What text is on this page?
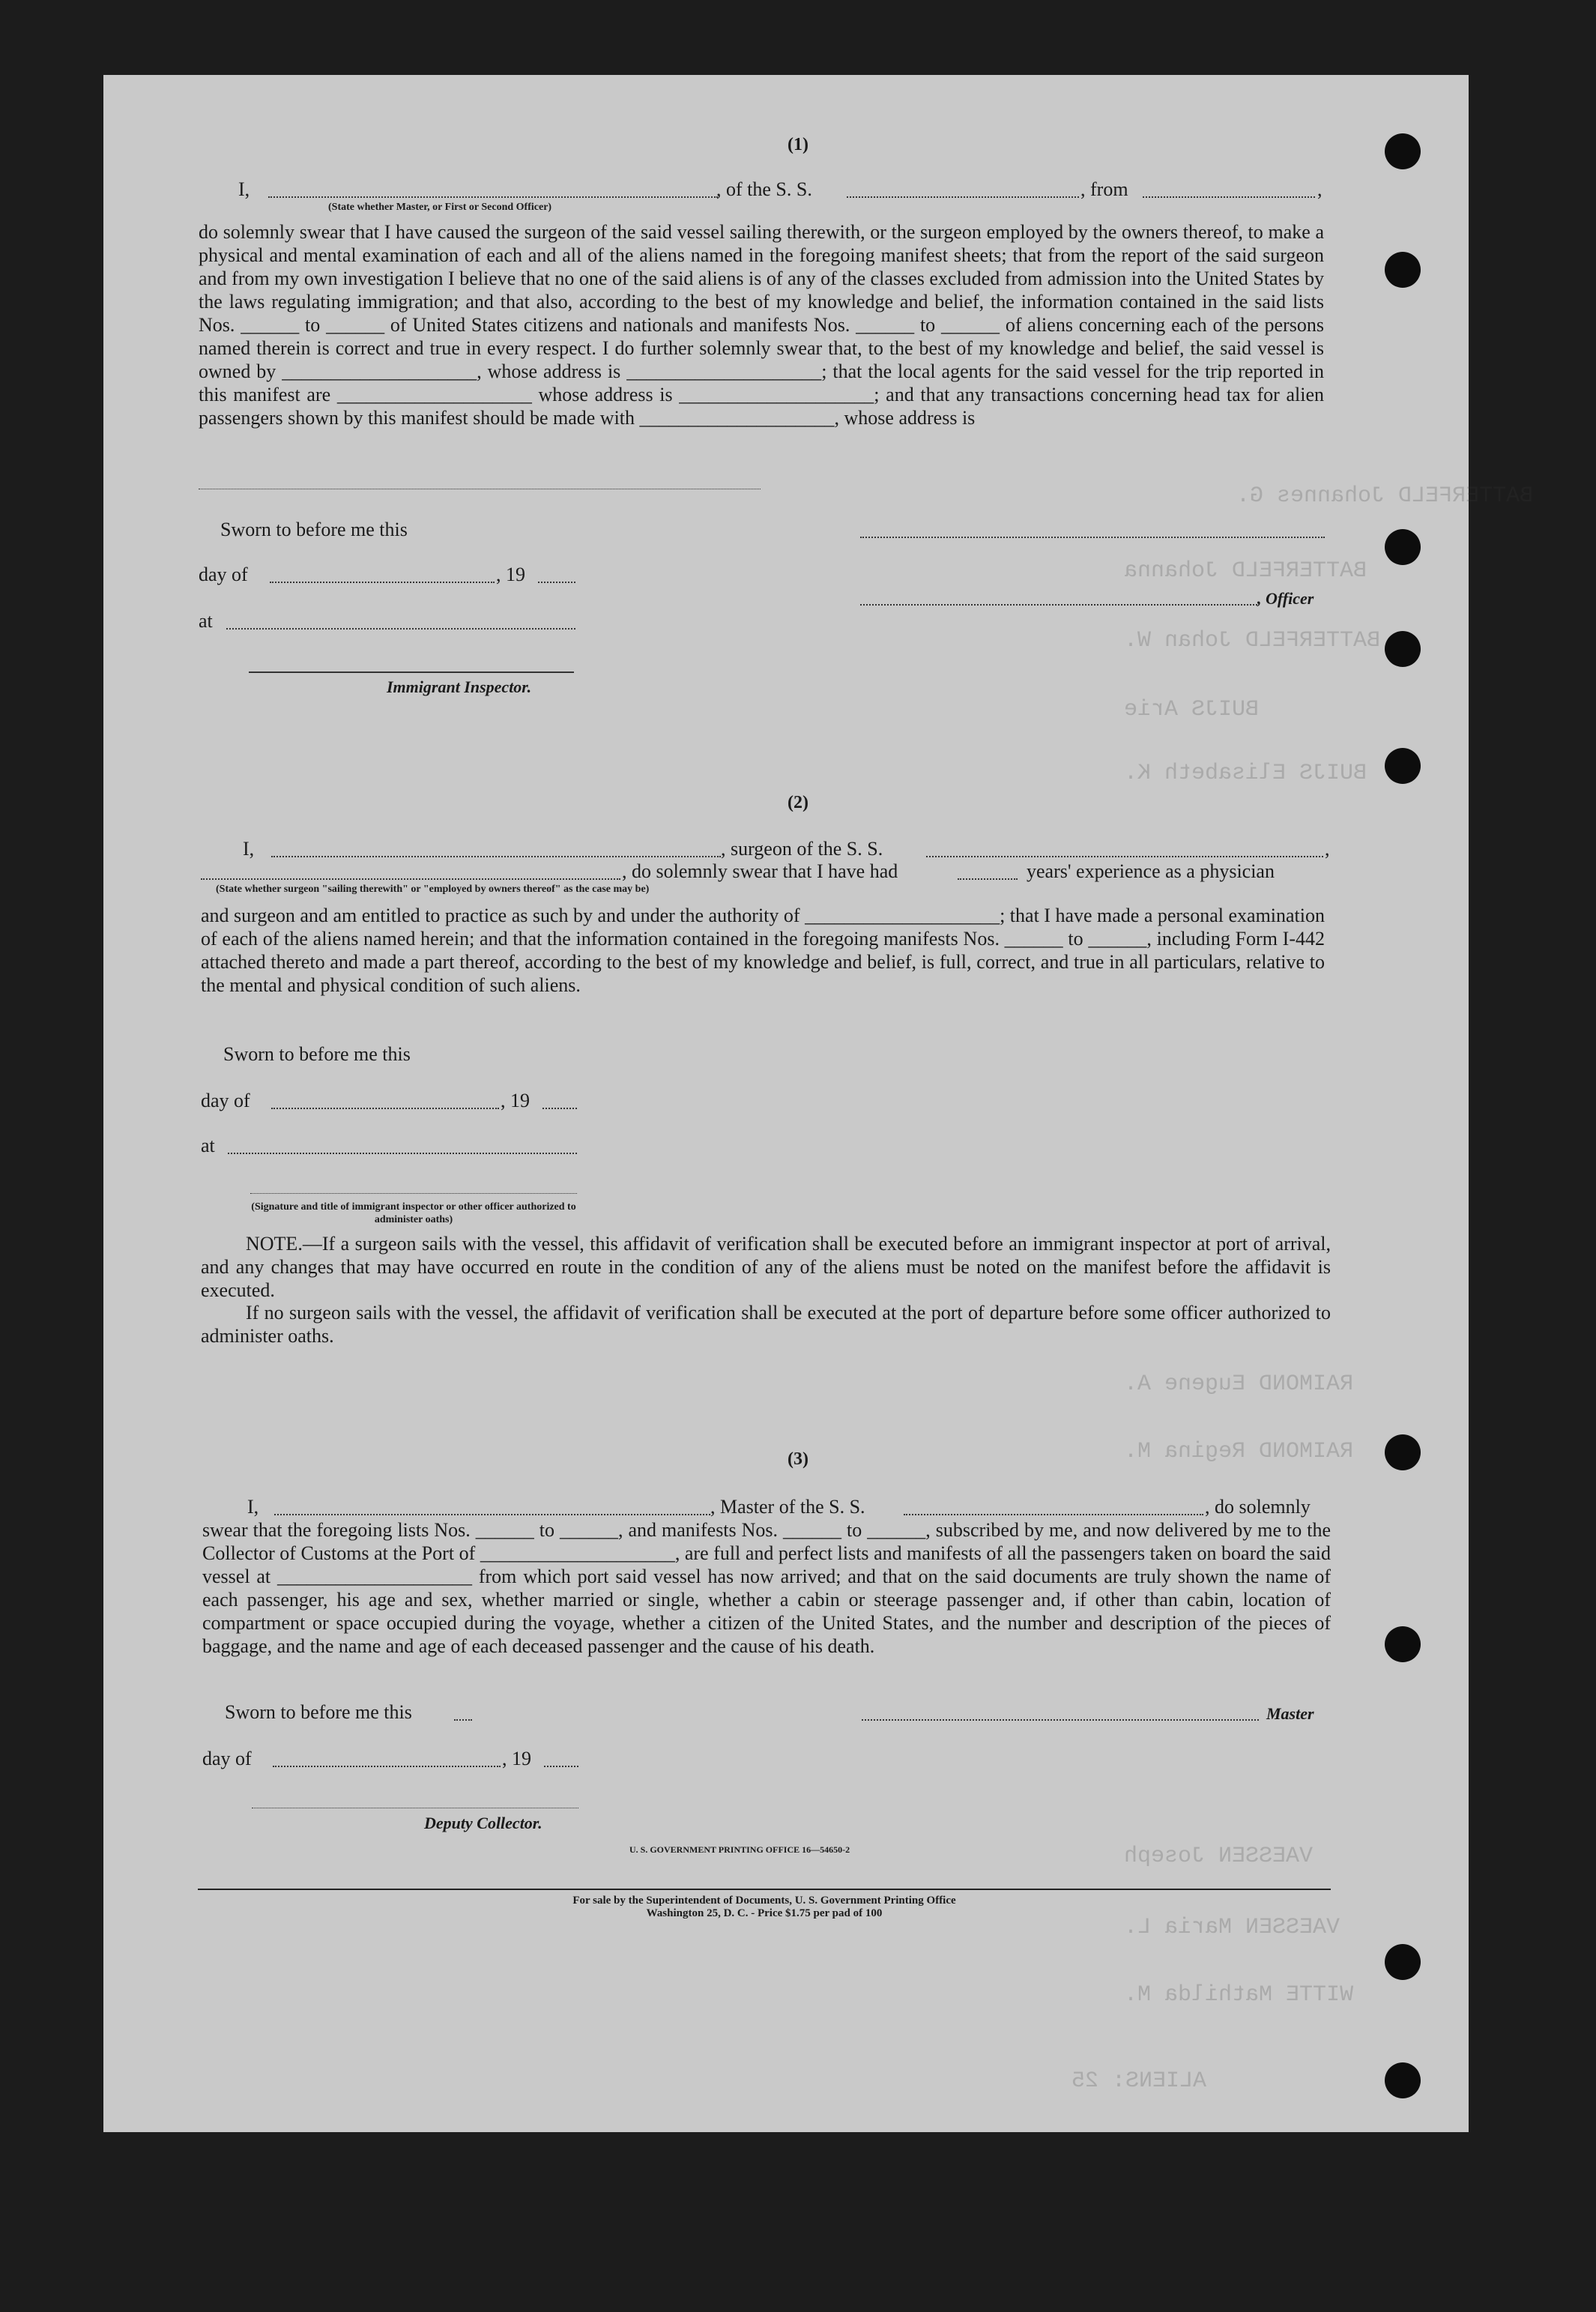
BATTERFELD Johannes G.
BATTERFELD Johanna
BATTERFELD Johan W.
BUIJS Arie
BUIJS Elisabeth K.
RAIMOND Eugene A.
RAIMOND Regina M.
VAESSEN Joseph
VAESSEN Maria L.
WITTE Mathilda M.
ALIENS: 25
(1)
I,	, of the S. S.	, from	,
(State whether Master, or First or Second Officer)
do solemnly swear that I have caused the surgeon of the said vessel sailing therewith, or the surgeon employed by the owners thereof, to make a physical and mental examination of each and all of the aliens named in the foregoing manifest sheets; that from the report of the said surgeon and from my own investigation I believe that no one of the said aliens is of any of the classes excluded from admission into the United States by the laws regulating immigration; and that also, according to the best of my knowledge and belief, the information contained in the said lists Nos. ______ to ______ of United States citizens and nationals and manifests Nos. ______ to ______ of aliens concerning each of the persons named therein is correct and true in every respect. I do further solemnly swear that, to the best of my knowledge and belief, the said vessel is owned by ____________________, whose address is ____________________; that the local agents for the said vessel for the trip reported in this manifest are ____________________ whose address is ____________________; and that any transactions concerning head tax for alien passengers shown by this manifest should be made with ____________________, whose address is
Sworn to before me this
day of	, 19
, Officer
at
Immigrant Inspector.
(2)
I,	, surgeon of the S. S.	,
, do solemnly swear that I have had	years' experience as a physician
(State whether surgeon "sailing therewith" or "employed by owners thereof" as the case may be)
and surgeon and am entitled to practice as such by and under the authority of ____________________; that I have made a personal examination of each of the aliens named herein; and that the information contained in the foregoing manifests Nos. ______ to ______, including Form I-442 attached thereto and made a part thereof, according to the best of my knowledge and belief, is full, correct, and true in all particulars, relative to the mental and physical condition of such aliens.
Sworn to before me this
day of	, 19
at
(Signature and title of immigrant inspector or other officer authorized to administer oaths)
NOTE.—If a surgeon sails with the vessel, this affidavit of verification shall be executed before an immigrant inspector at port of arrival, and any changes that may have occurred en route in the condition of any of the aliens must be noted on the manifest before the affidavit is executed.
If no surgeon sails with the vessel, the affidavit of verification shall be executed at the port of departure before some officer authorized to administer oaths.
(3)
I,	, Master of the S. S.	, do solemnly
swear that the foregoing lists Nos. ______ to ______, and manifests Nos. ______ to ______, subscribed by me, and now delivered by me to the Collector of Customs at the Port of ____________________, are full and perfect lists and manifests of all the passengers taken on board the said vessel at ____________________ from which port said vessel has now arrived; and that on the said documents are truly shown the name of each passenger, his age and sex, whether married or single, whether a cabin or steerage passenger and, if other than cabin, location of compartment or space occupied during the voyage, whether a citizen of the United States, and the number and description of the pieces of baggage, and the name and age of each deceased passenger and the cause of his death.
Sworn to before me this	Master
day of	, 19
Deputy Collector.
U. S. GOVERNMENT PRINTING OFFICE 16—54650-2
For sale by the Superintendent of Documents, U. S. Government Printing Office
Washington 25, D. C. - Price $1.75 per pad of 100
